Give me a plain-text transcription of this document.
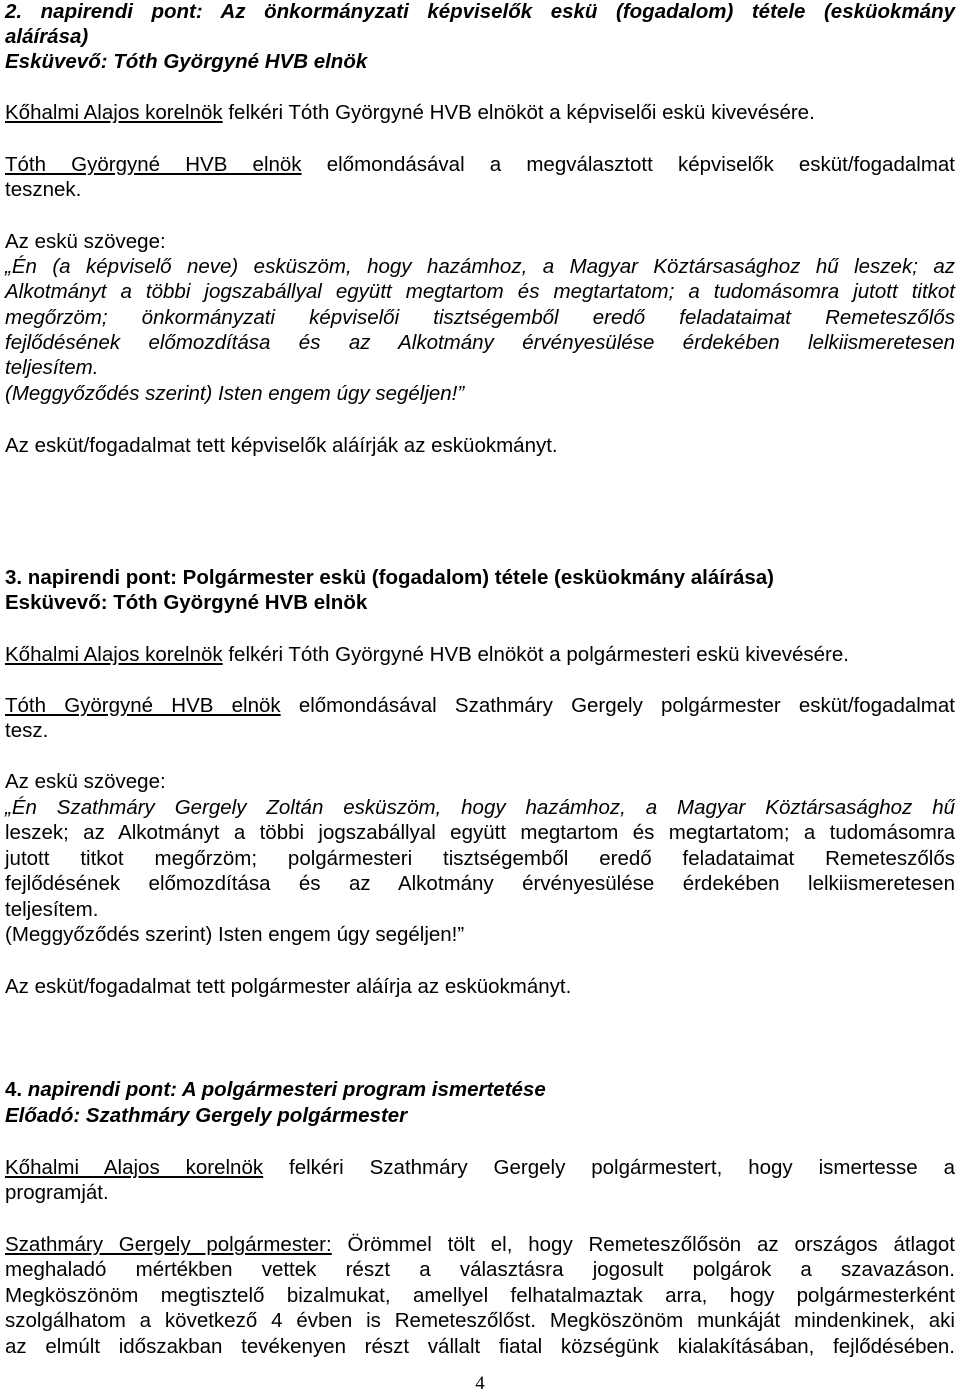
2. napirendi pont: Az önkormányzati képviselők eskü (fogadalom) tétele (esküokmány
aláírása)
Esküvevő: Tóth Györgyné HVB elnök
Kőhalmi Alajos korelnök felkéri Tóth Györgyné HVB elnököt a képviselői eskü kivevésére.
Tóth Györgyné HVB elnök előmondásával a megválasztott képviselők esküt/fogadalmat
tesznek.
Az eskü szövege:
„Én (a képviselő neve) esküszöm, hogy hazámhoz, a Magyar Köztársasághoz hű leszek; az
Alkotmányt a többi jogszabállyal együtt megtartom és megtartatom; a tudomásomra jutott titkot
megőrzöm; önkormányzati képviselői tisztségemből eredő feladataimat Remeteszőlős
fejlődésének előmozdítása és az Alkotmány érvényesülése érdekében lelkiismeretesen
teljesítem.
(Meggyőződés szerint) Isten engem úgy segéljen!”
Az esküt/fogadalmat tett képviselők aláírják az esküokmányt.
3. napirendi pont: Polgármester eskü (fogadalom) tétele (esküokmány aláírása)
Esküvevő: Tóth Györgyné HVB elnök
Kőhalmi Alajos korelnök felkéri Tóth Györgyné HVB elnököt a polgármesteri eskü kivevésére.
Tóth Györgyné HVB elnök előmondásával Szathmáry Gergely polgármester esküt/fogadalmat
tesz.
Az eskü szövege:
„Én Szathmáry Gergely Zoltán esküszöm, hogy hazámhoz, a Magyar Köztársasághoz hű
leszek; az Alkotmányt a többi jogszabállyal együtt megtartom és megtartatom; a tudomásomra
jutott titkot megőrzöm; polgármesteri tisztségemből eredő feladataimat Remeteszőlős
fejlődésének előmozdítása és az Alkotmány érvényesülése érdekében lelkiismeretesen
teljesítem.
(Meggyőződés szerint) Isten engem úgy segéljen!”
Az esküt/fogadalmat tett polgármester aláírja az esküokmányt.
4. napirendi pont: A polgármesteri program ismertetése
Előadó: Szathmáry Gergely polgármester
Kőhalmi Alajos korelnök felkéri Szathmáry Gergely polgármestert, hogy ismertesse a
programját.
Szathmáry Gergely polgármester: Örömmel tölt el, hogy Remeteszőlősön az országos átlagot
meghaladó mértékben vettek részt a választásra jogosult polgárok a szavazáson.
Megköszönöm megtisztelő bizalmukat, amellyel felhatalmaztak arra, hogy polgármesterként
szolgálhatom a következő 4 évben is Remeteszőlőst. Megköszönöm munkáját mindenkinek, aki
az elmúlt időszakban tevékenyen részt vállalt fiatal községünk kialakításában, fejlődésében.
4
